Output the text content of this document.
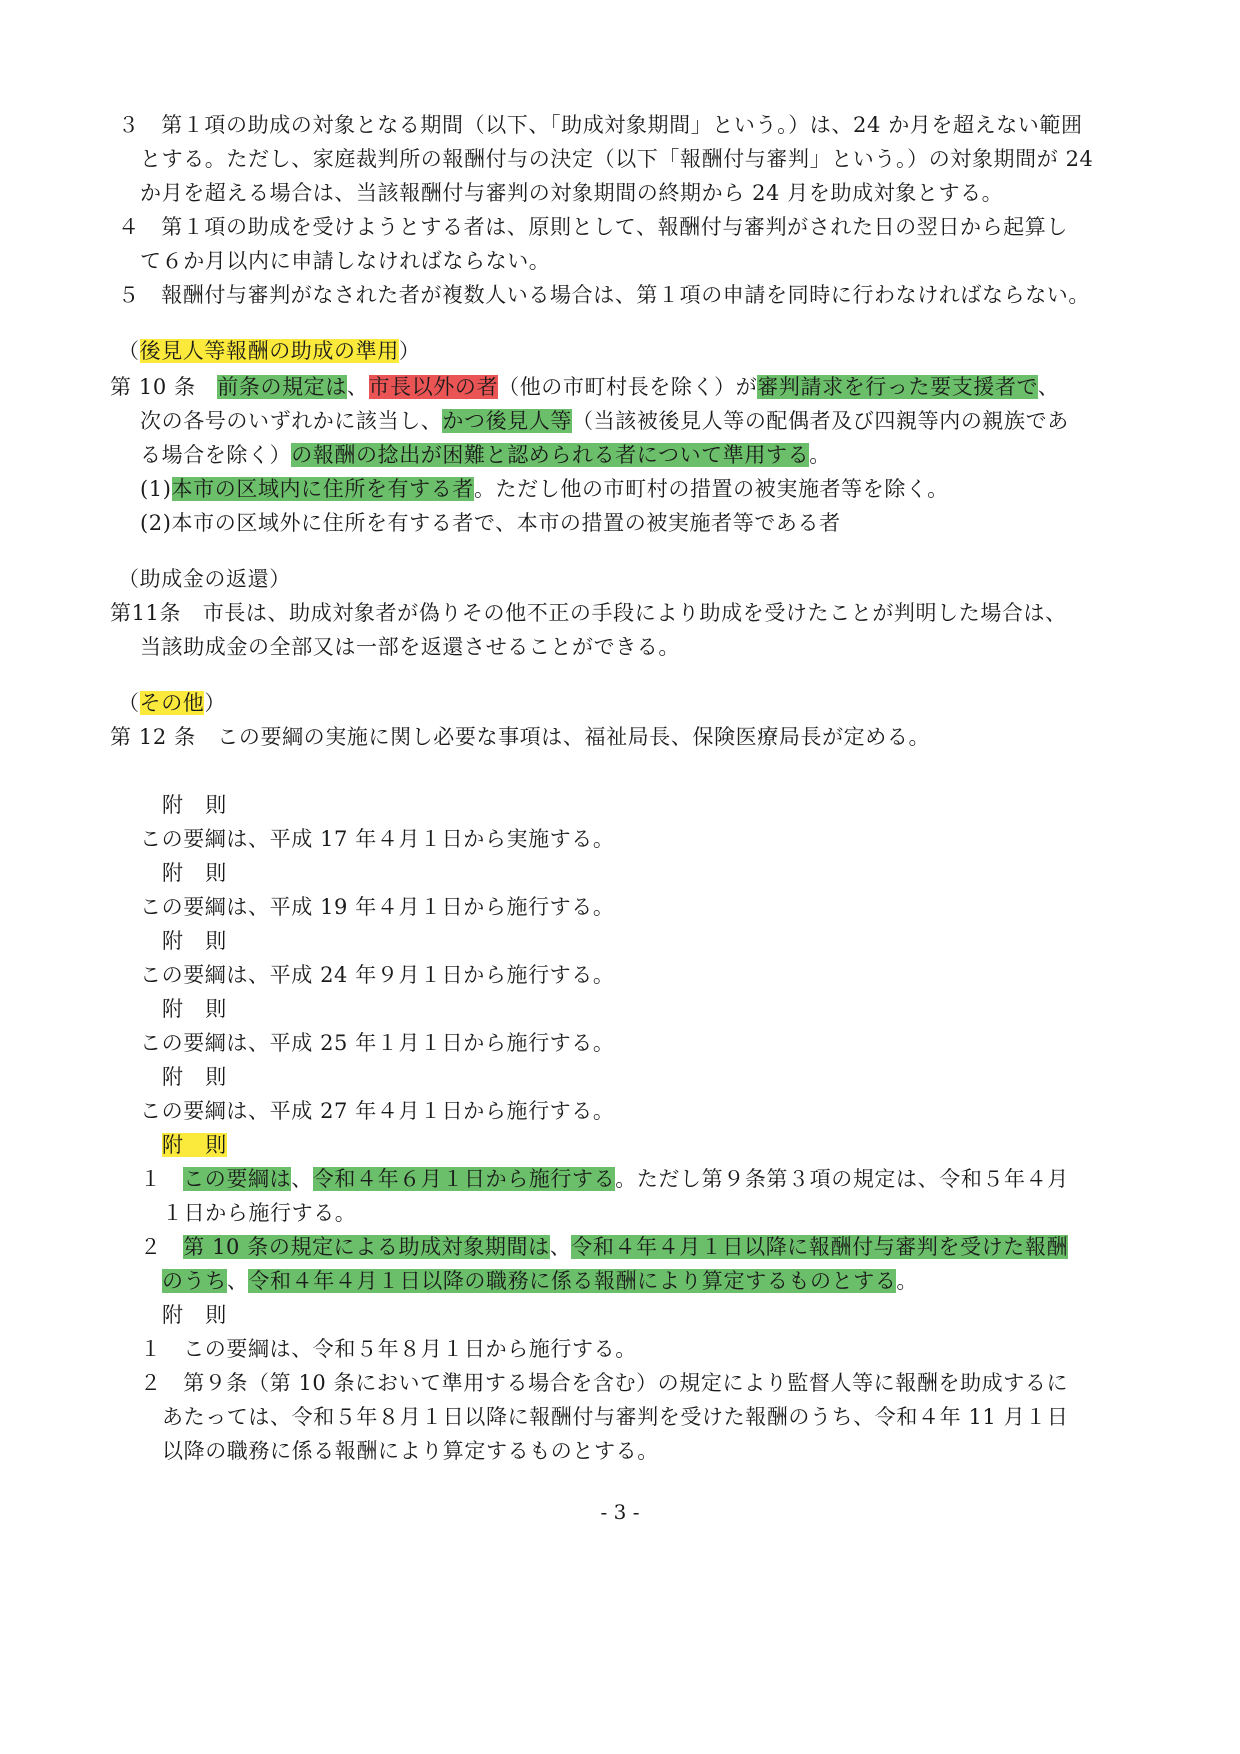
３　第１項の助成の対象となる期間（以下、「助成対象期間」という。）は、24 か月を超えない範囲
とする。ただし、家庭裁判所の報酬付与の決定（以下「報酬付与審判」という。）の対象期間が 24
か月を超える場合は、当該報酬付与審判の対象期間の終期から 24 月を助成対象とする。
４　第１項の助成を受けようとする者は、原則として、報酬付与審判がされた日の翌日から起算し
て６か月以内に申請しなければならない。
５　報酬付与審判がなされた者が複数人いる場合は、第１項の申請を同時に行わなければならない。
（後見人等報酬の助成の準用）
第 10 条　前条の規定は、市長以外の者（他の市町村長を除く）が審判請求を行った要支援者で、
次の各号のいずれかに該当し、かつ後見人等（当該被後見人等の配偶者及び四親等内の親族であ
る場合を除く）の報酬の捻出が困難と認められる者について準用する。
(1)本市の区域内に住所を有する者。ただし他の市町村の措置の被実施者等を除く。
(2)本市の区域外に住所を有する者で、本市の措置の被実施者等である者
（助成金の返還）
第11条　市長は、助成対象者が偽りその他不正の手段により助成を受けたことが判明した場合は、
当該助成金の全部又は一部を返還させることができる。
（その他）
第 12 条　この要綱の実施に関し必要な事項は、福祉局長、保険医療局長が定める。
附　則
この要綱は、平成 17 年４月１日から実施する。
附　則
この要綱は、平成 19 年４月１日から施行する。
附　則
この要綱は、平成 24 年９月１日から施行する。
附　則
この要綱は、平成 25 年１月１日から施行する。
附　則
この要綱は、平成 27 年４月１日から施行する。
附　則
１　この要綱は、令和４年６月１日から施行する。ただし第９条第３項の規定は、令和５年４月
１日から施行する。
２　第 10 条の規定による助成対象期間は、令和４年４月１日以降に報酬付与審判を受けた報酬
のうち、令和４年４月１日以降の職務に係る報酬により算定するものとする。
附　則
１　この要綱は、令和５年８月１日から施行する。
２　第９条（第 10 条において準用する場合を含む）の規定により監督人等に報酬を助成するに
あたっては、令和５年８月１日以降に報酬付与審判を受けた報酬のうち、令和４年 11 月１日
以降の職務に係る報酬により算定するものとする。
- 3 -
